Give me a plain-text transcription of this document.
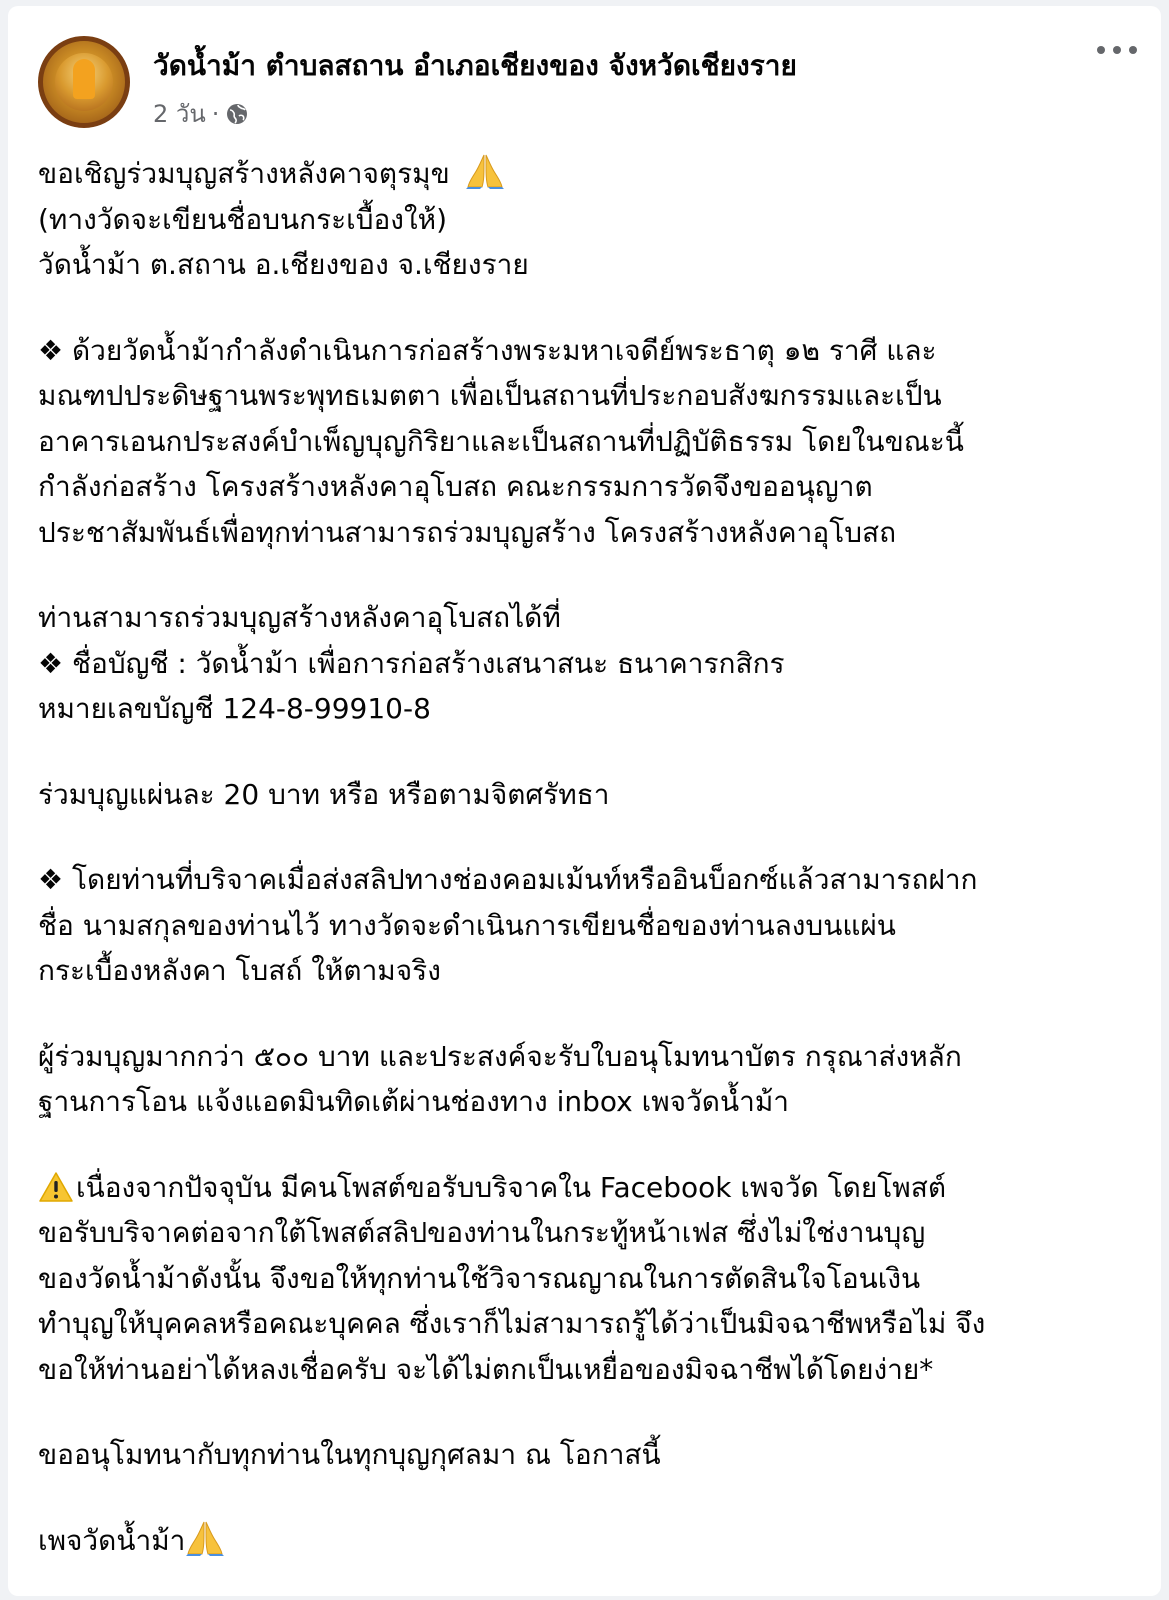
วัดน้ำม้า ตำบลสถาน อำเภอเชียงของ จังหวัดเชียงราย
2 วัน ·
ขอเชิญร่วมบุญสร้างหลังคาจตุรมุข
(ทางวัดจะเขียนชื่อบนกระเบื้องให้)
วัดน้ำม้า ต.สถาน อ.เชียงของ จ.เชียงราย
❖ ด้วยวัดน้ำม้ากำลังดำเนินการก่อสร้างพระมหาเจดีย์พระธาตุ ๑๒ ราศี และ
มณฑปประดิษฐานพระพุทธเมตตา เพื่อเป็นสถานที่ประกอบสังฆกรรมและเป็น
อาคารเอนกประสงค์บำเพ็ญบุญกิริยาและเป็นสถานที่ปฏิบัติธรรม โดยในขณะนี้
กำลังก่อสร้าง โครงสร้างหลังคาอุโบสถ คณะกรรมการวัดจึงขออนุญาต
ประชาสัมพันธ์เพื่อทุกท่านสามารถร่วมบุญสร้าง โครงสร้างหลังคาอุโบสถ
ท่านสามารถร่วมบุญสร้างหลังคาอุโบสถได้ที่
❖ ชื่อบัญชี : วัดน้ำม้า เพื่อการก่อสร้างเสนาสนะ ธนาคารกสิกร
หมายเลขบัญชี 124-8-99910-8
ร่วมบุญแผ่นละ 20 บาท หรือ หรือตามจิตศรัทธา
❖ โดยท่านที่บริจาคเมื่อส่งสลิปทางช่องคอมเม้นท์หรืออินบ็อกซ์แล้วสามารถฝาก
ชื่อ นามสกุลของท่านไว้ ทางวัดจะดำเนินการเขียนชื่อของท่านลงบนแผ่น
กระเบื้องหลังคา โบสถ์ ให้ตามจริง
ผู้ร่วมบุญมากกว่า ๕๐๐ บาท และประสงค์จะรับใบอนุโมทนาบัตร กรุณาส่งหลัก
ฐานการโอน แจ้งแอดมินทิดเต้ผ่านช่องทาง inbox เพจวัดน้ำม้า
เนื่องจากปัจจุบัน มีคนโพสต์ขอรับบริจาคใน Facebook เพจวัด โดยโพสต์
ขอรับบริจาคต่อจากใต้โพสต์สลิปของท่านในกระทู้หน้าเฟส ซึ่งไม่ใช่งานบุญ
ของวัดน้ำม้าดังนั้น จึงขอให้ทุกท่านใช้วิจารณญาณในการตัดสินใจโอนเงิน
ทำบุญให้บุคคลหรือคณะบุคคล ซึ่งเราก็ไม่สามารถรู้ได้ว่าเป็นมิจฉาชีพหรือไม่ จึง
ขอให้ท่านอย่าได้หลงเชื่อครับ จะได้ไม่ตกเป็นเหยื่อของมิจฉาชีพได้โดยง่าย*
ขออนุโมทนากับทุกท่านในทุกบุญกุศลมา ณ โอกาสนี้
เพจวัดน้ำม้า
